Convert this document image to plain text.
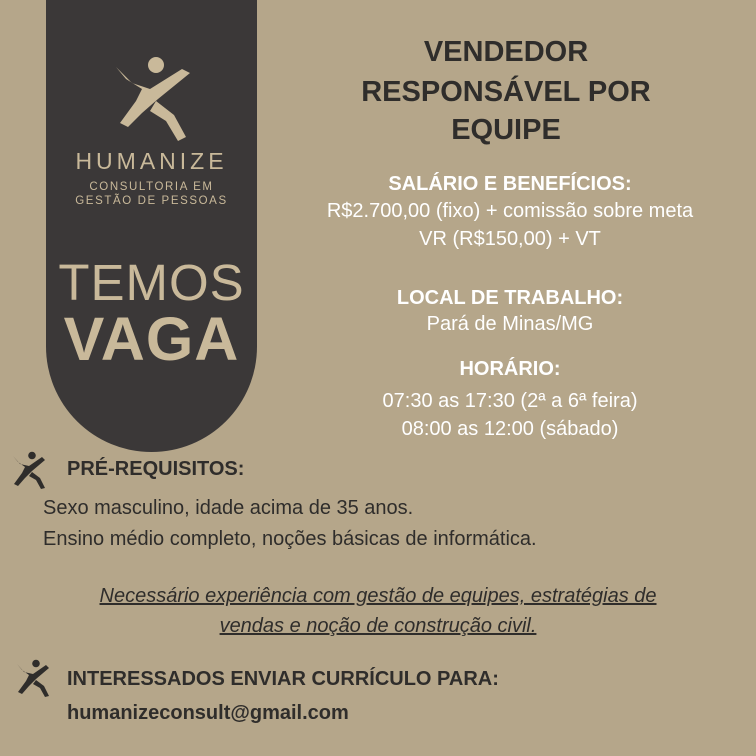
HUMANIZE
CONSULTORIA EM
GESTÃO DE PESSOAS
TEMOS
VAGA
VENDEDOR
RESPONSÁVEL POR
EQUIPE
SALÁRIO E BENEFÍCIOS:
R$2.700,00 (fixo) + comissão sobre meta
VR (R$150,00) + VT
LOCAL DE TRABALHO:
Pará de Minas/MG
HORÁRIO:
07:30 as 17:30 (2ª a 6ª feira)
08:00 as 12:00 (sábado)
PRÉ-REQUISITOS:
Sexo masculino, idade acima de 35 anos.
Ensino médio completo, noções básicas de informática.
Necessário experiência com gestão de equipes, estratégias de
vendas e noção de construção civil.
INTERESSADOS ENVIAR CURRÍCULO PARA:
humanizeconsult@gmail.com
